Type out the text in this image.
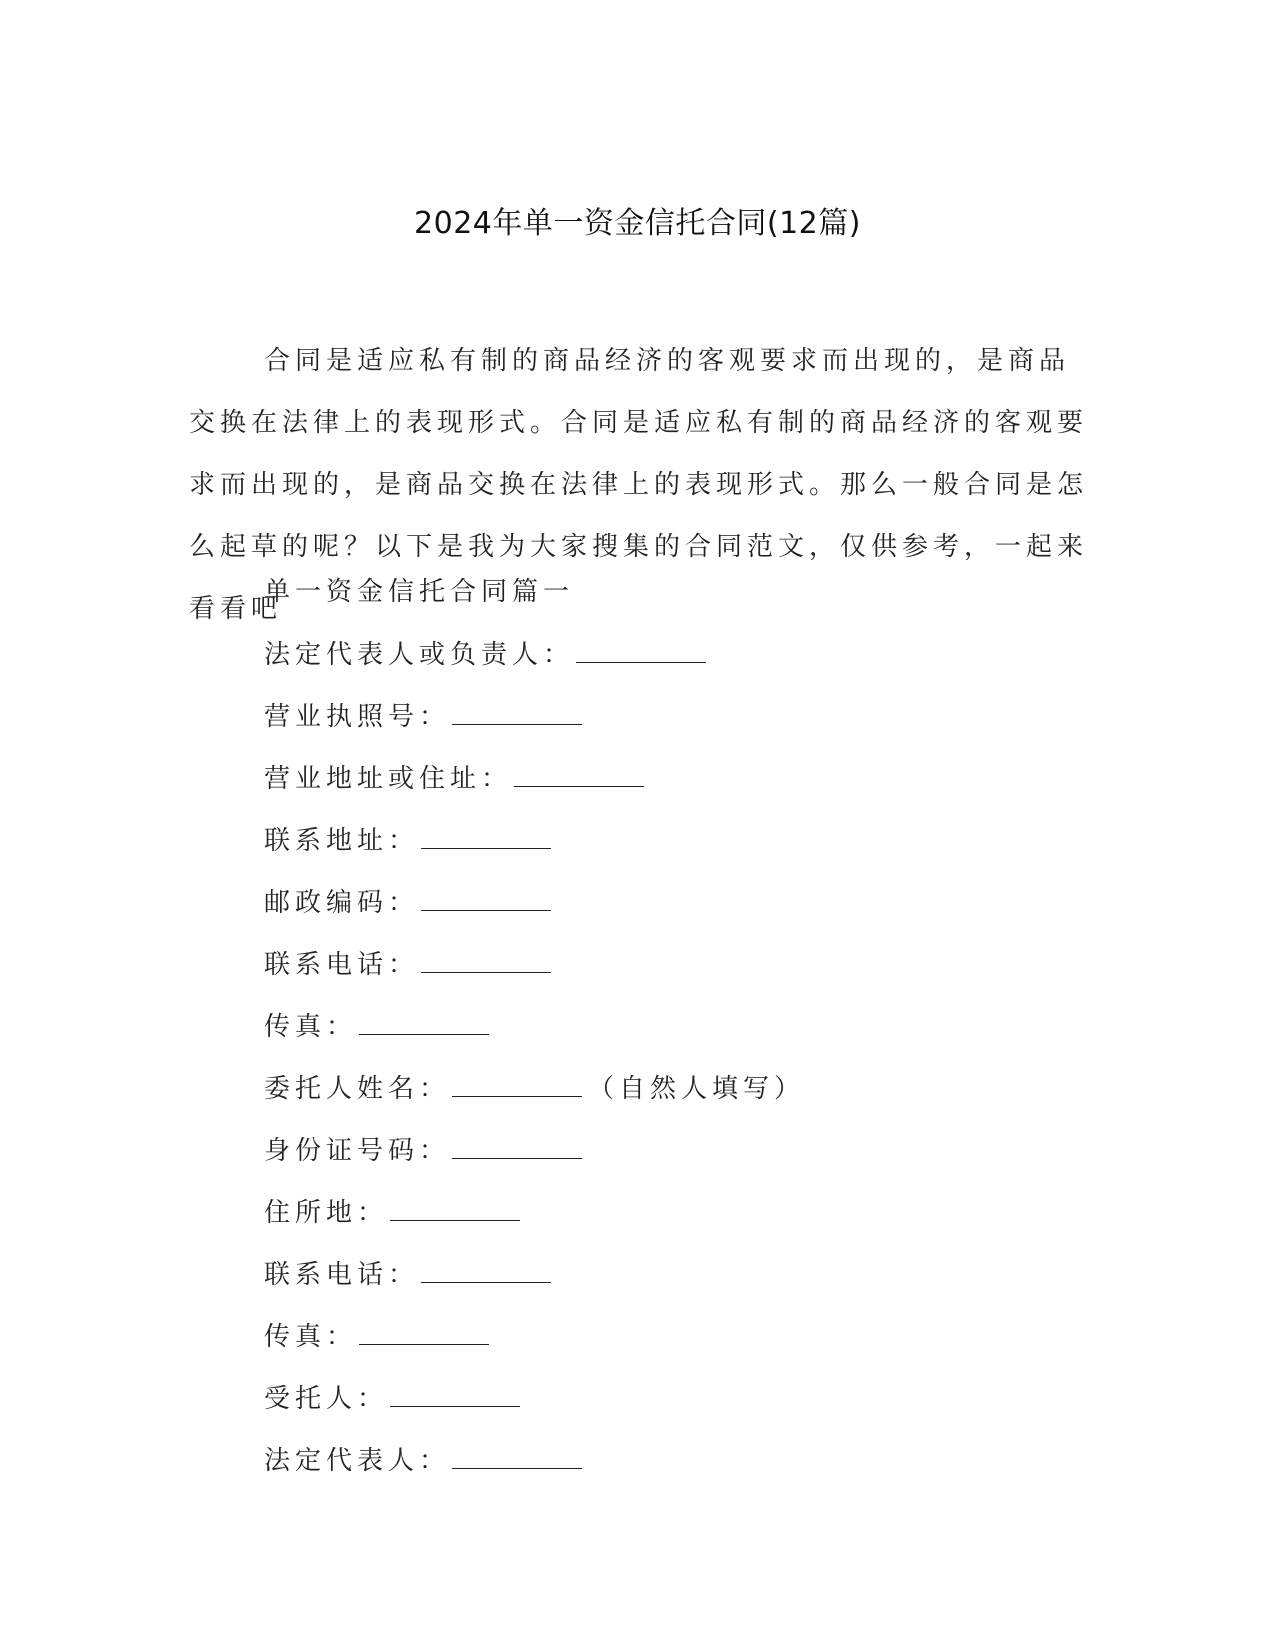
2024年单一资金信托合同(12篇)
合同是适应私有制的商品经济的客观要求而出现的，是商品交换在法律上的表现形式。合同是适应私有制的商品经济的客观要求而出现的，是商品交换在法律上的表现形式。那么一般合同是怎么起草的呢？以下是我为大家搜集的合同范文，仅供参考，一起来看看吧
单一资金信托合同篇一
法定代表人或负责人：
营业执照号：
营业地址或住址：
联系地址：
邮政编码：
联系电话：
传真：
委托人姓名：	（自然人填写）
身份证号码：
住所地：
联系电话：
传真：
受托人：
法定代表人：
